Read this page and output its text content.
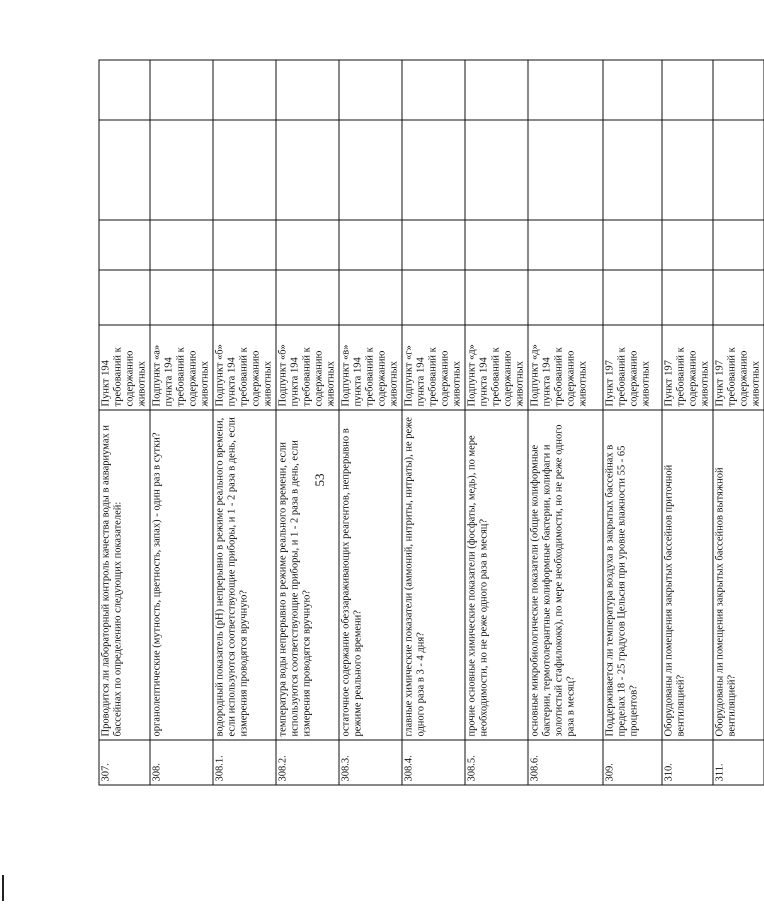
53
307.	Проводится ли лабораторный контроль качества воды в аквариумах и бассейнах по определению следующих показателей:	Пункт 194 требований к содержанию животных				
308.	органолептические (мутность, цветность, запах) - один раз в сутки?	Подпункт «а» пункта 194 требований к содержанию животных				
308.1.	водородный показатель (pH) непрерывно в режиме реального времени, если используются соответствующие приборы, и 1 - 2 раза в день, если измерения проводятся вручную?	Подпункт «б» пункта 194 требований к содержанию животных				
308.2.	температура воды непрерывно в режиме реального времени, если используются соответствующие приборы, и 1 - 2 раза в день, если измерения проводятся вручную?	Подпункт «б» пункта 194 требований к содержанию животных				
308.3.	остаточное содержание обеззараживающих реагентов, непрерывно в режиме реального времени?	Подпункт «в» пункта 194 требований к содержанию животных				
308.4.	главные химические показатели (аммоний, нитриты, нитраты), не реже одного раза в 3 - 4 дня?	Подпункт «г» пункта 194 требований к содержанию животных				
308.5.	прочие основные химические показатели (фосфаты, медь), по мере необходимости, но не реже одного раза в месяц?	Подпункт «д» пункта 194 требований к содержанию животных				
308.6.	основные микробиологические показатели (общие колиформные бактерии, термотолерантные колиформные бактерии, колифаги и золотистый стафилококк), по мере необходимости, но не реже одного раза в месяц?	Подпункт «д» пункта 194 требований к содержанию животных				
309.	Поддерживается ли температура воздуха в закрытых бассейнах в пределах 18 - 25 градусов Цельсия при уровне влажности 55 - 65 процентов?	Пункт 197 требований к содержанию животных				
310.	Оборудованы ли помещения закрытых бассейнов приточной вентиляцией?	Пункт 197 требований к содержанию животных				
311.	Оборудованы ли помещения закрытых бассейнов вытяжной вентиляцией?	Пункт 197 требований к содержанию животных				
